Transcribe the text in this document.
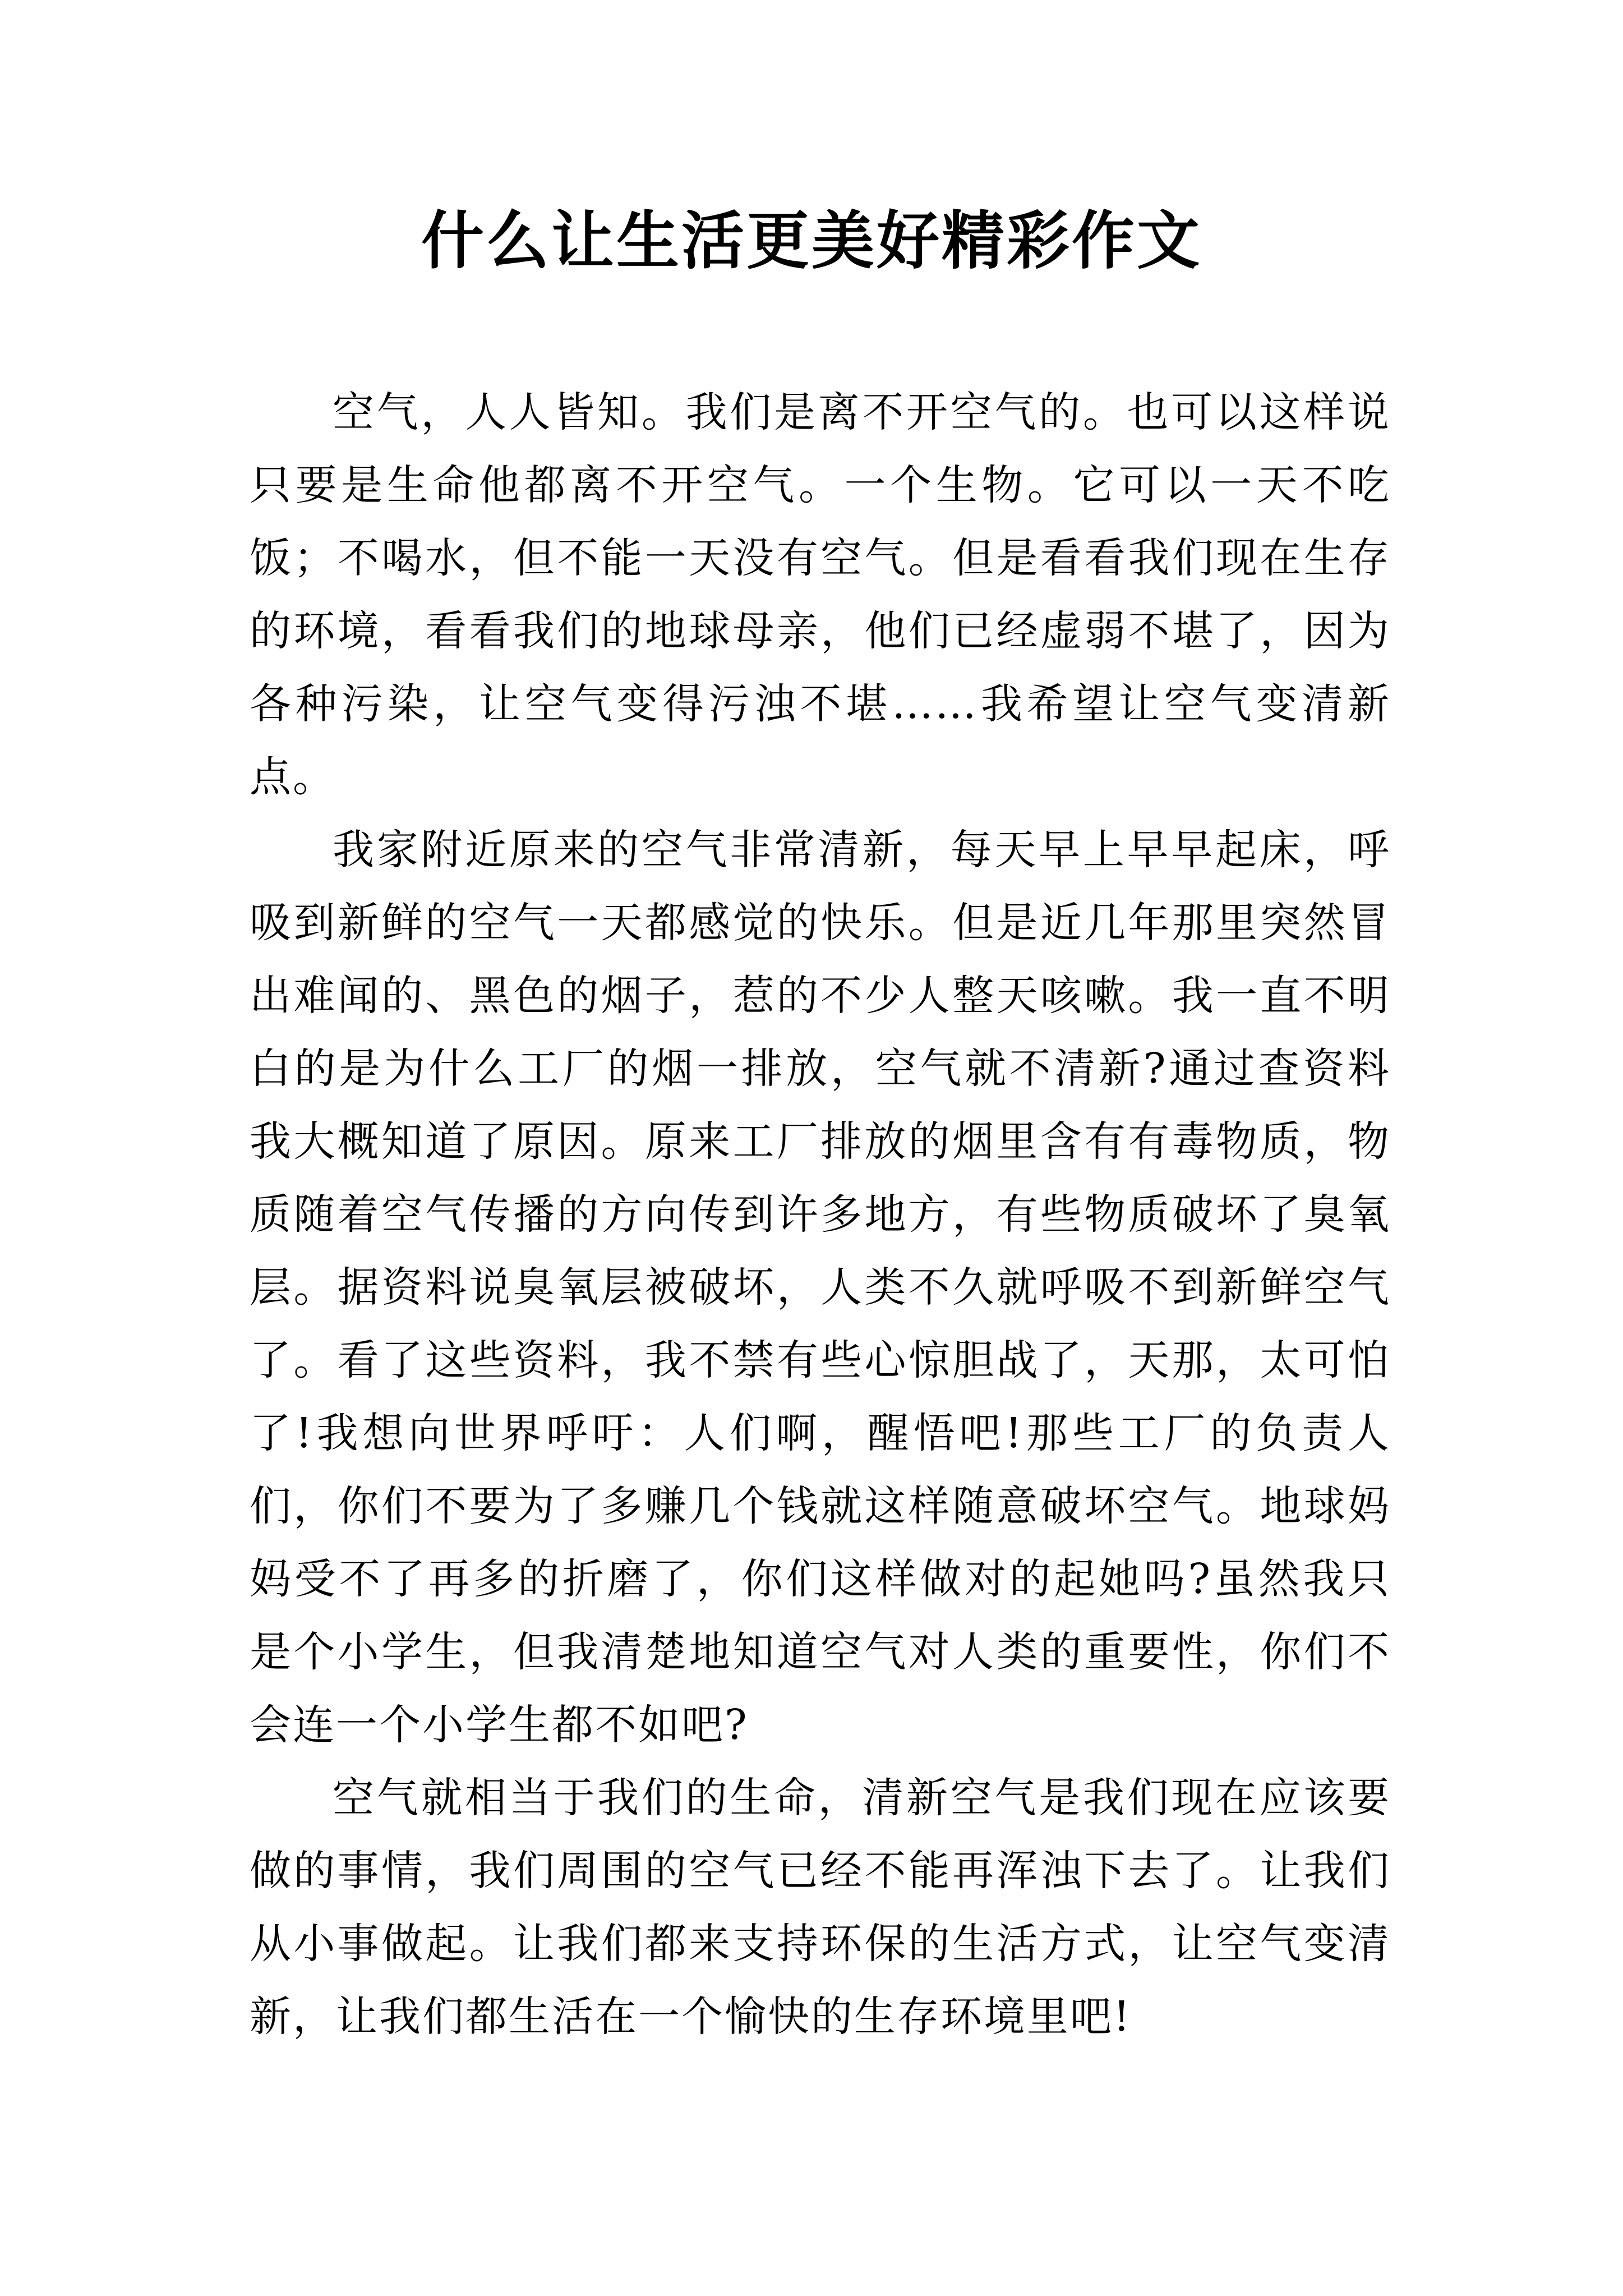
什么让生活更美好精彩作文

空气，人人皆知。我们是离不开空气的。也可以这样说只要是生命他都离不开空气。一个生物。它可以一天不吃饭；不喝水，但不能一天没有空气。但是看看我们现在生存的环境，看看我们的地球母亲，他们已经虚弱不堪了，因为各种污染，让空气变得污浊不堪……我希望让空气变清新点。

我家附近原来的空气非常清新，每天早上早早起床，呼吸到新鲜的空气一天都感觉的快乐。但是近几年那里突然冒出难闻的、黑色的烟子，惹的不少人整天咳嗽。我一直不明白的是为什么工厂的烟一排放，空气就不清新?通过查资料我大概知道了原因。原来工厂排放的烟里含有有毒物质，物质随着空气传播的方向传到许多地方，有些物质破坏了臭氧层。据资料说臭氧层被破坏，人类不久就呼吸不到新鲜空气了。看了这些资料，我不禁有些心惊胆战了，天那，太可怕了!我想向世界呼吁：人们啊，醒悟吧!那些工厂的负责人们，你们不要为了多赚几个钱就这样随意破坏空气。地球妈妈受不了再多的折磨了，你们这样做对的起她吗?虽然我只是个小学生，但我清楚地知道空气对人类的重要性，你们不会连一个小学生都不如吧?

空气就相当于我们的生命，清新空气是我们现在应该要做的事情，我们周围的空气已经不能再浑浊下去了。让我们从小事做起。让我们都来支持环保的生活方式，让空气变清新，让我们都生活在一个愉快的生存环境里吧!
